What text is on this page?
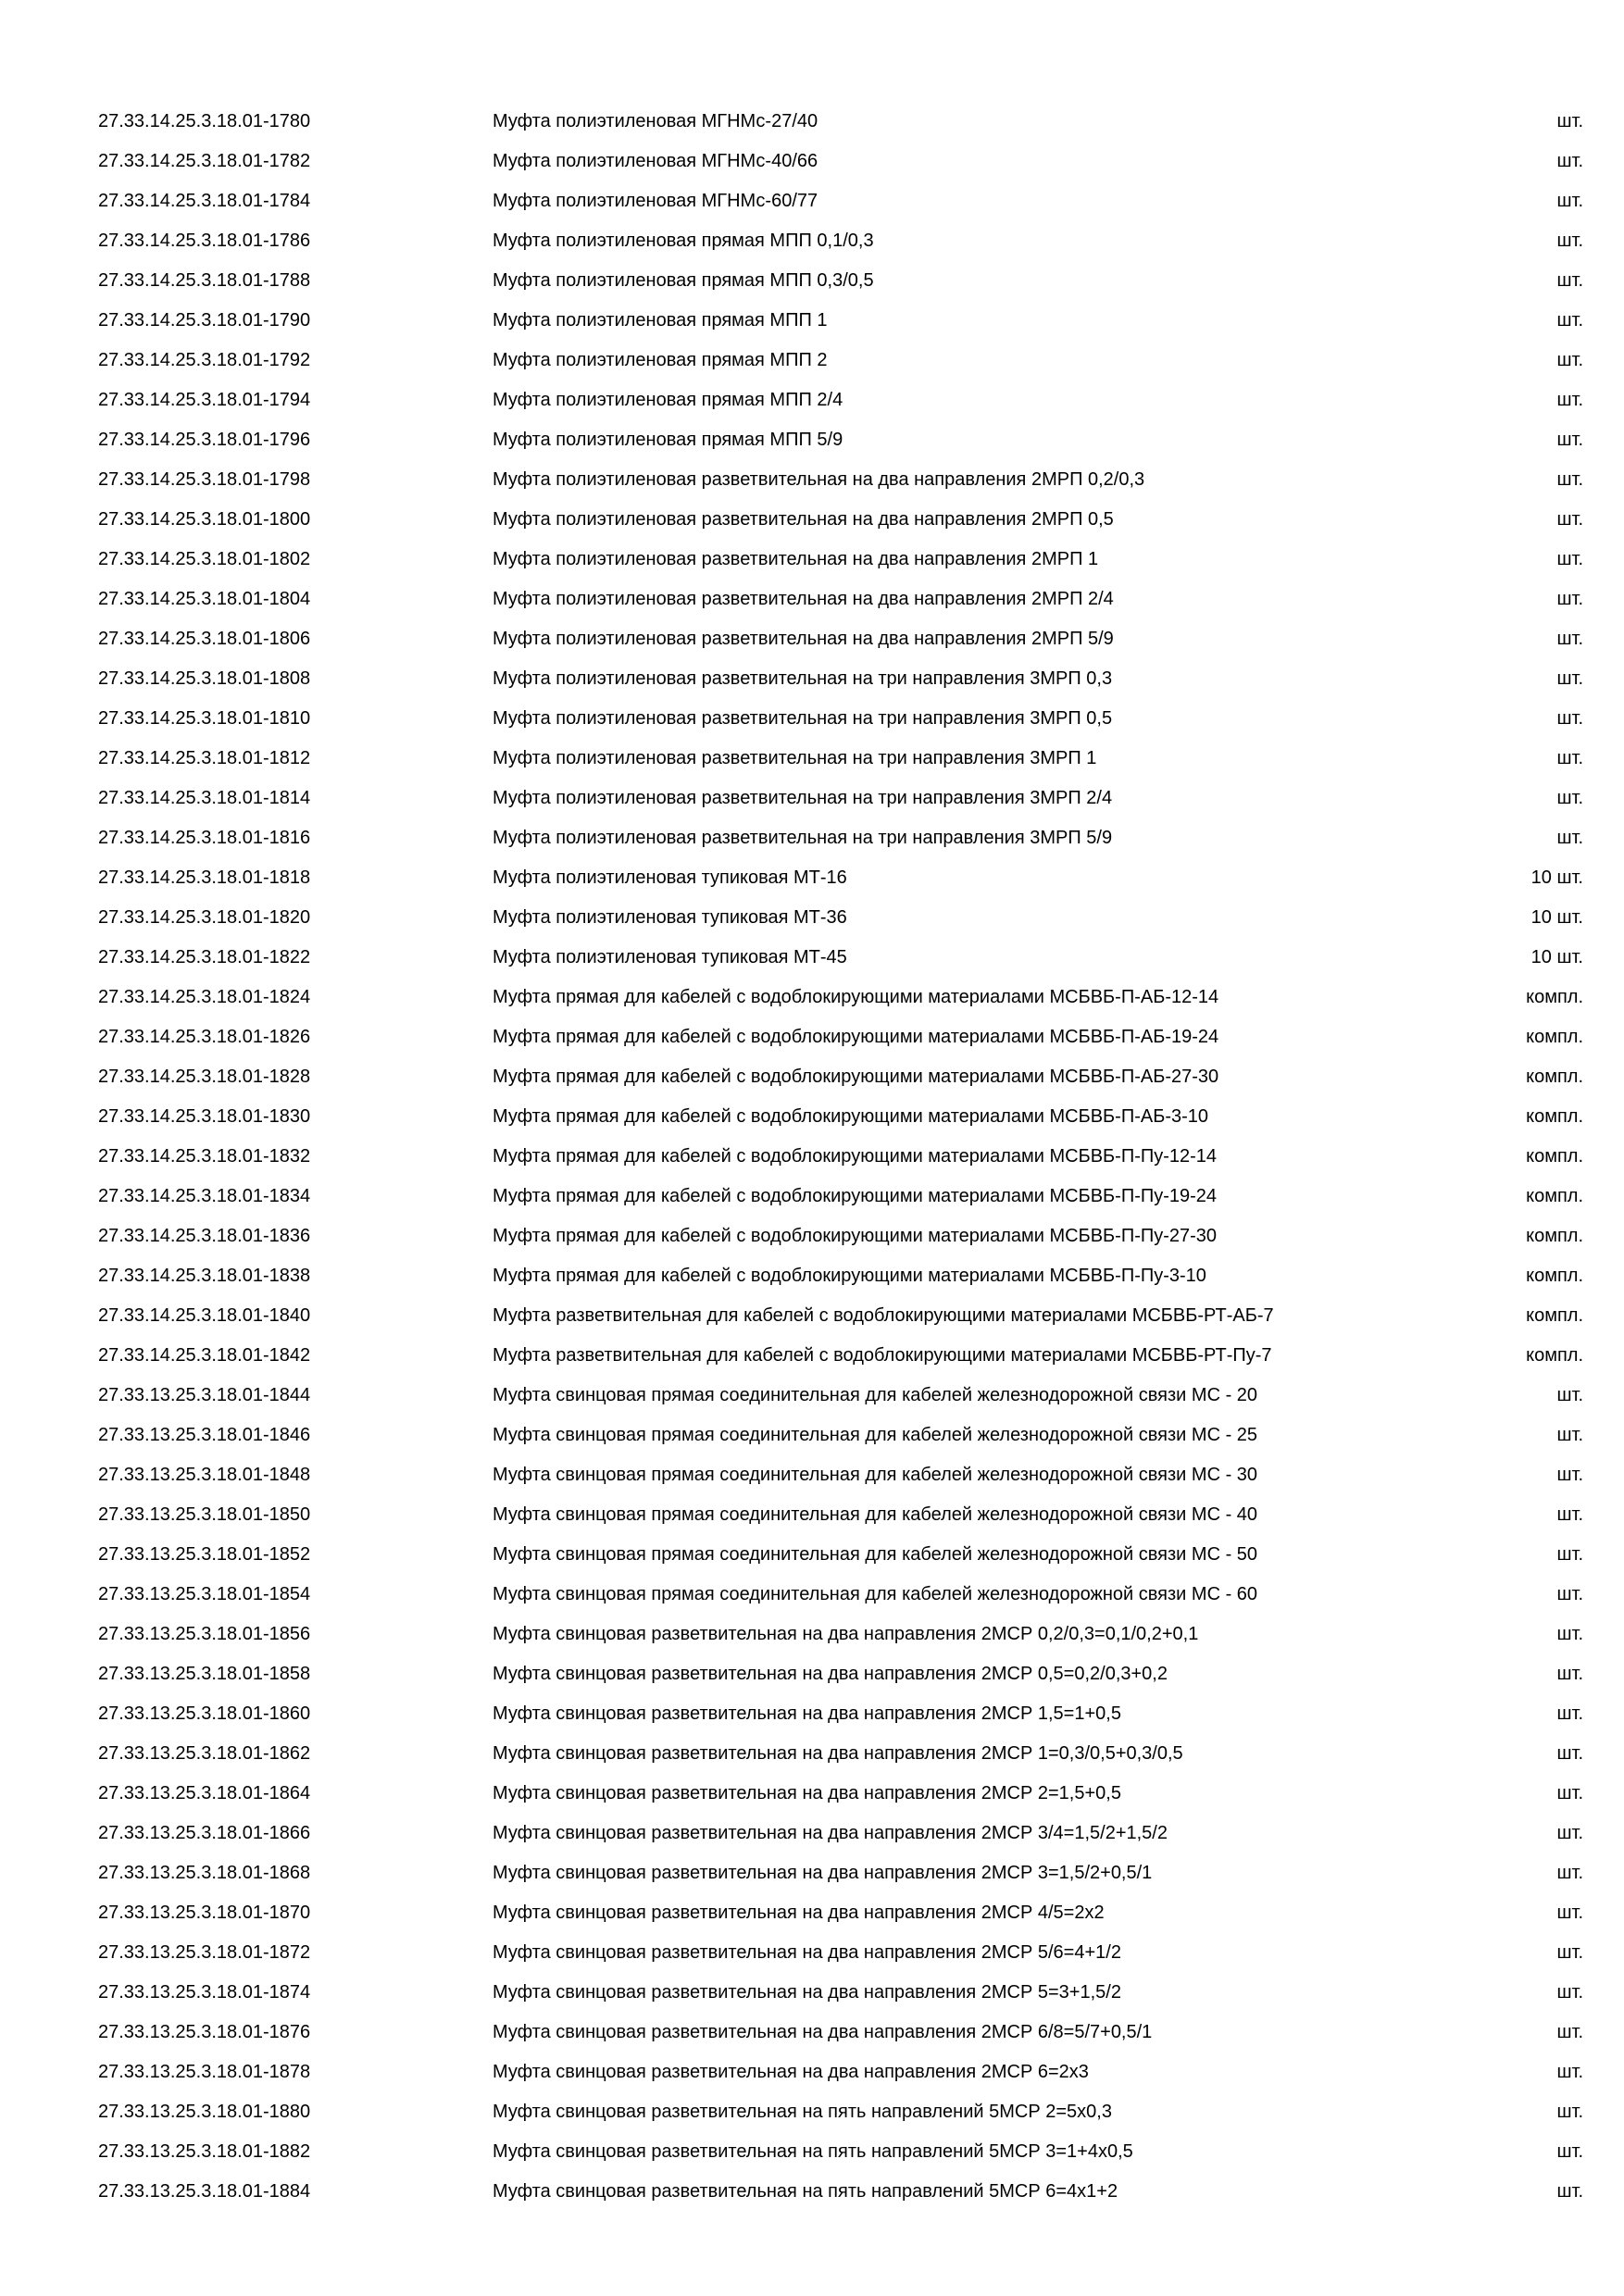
27.33.14.25.3.18.01-1780	Муфта полиэтиленовая МГНМс-27/40	шт.
27.33.14.25.3.18.01-1782	Муфта полиэтиленовая МГНМс-40/66	шт.
27.33.14.25.3.18.01-1784	Муфта полиэтиленовая МГНМс-60/77	шт.
27.33.14.25.3.18.01-1786	Муфта полиэтиленовая прямая МПП 0,1/0,3	шт.
27.33.14.25.3.18.01-1788	Муфта полиэтиленовая прямая МПП 0,3/0,5	шт.
27.33.14.25.3.18.01-1790	Муфта полиэтиленовая прямая МПП 1	шт.
27.33.14.25.3.18.01-1792	Муфта полиэтиленовая прямая МПП 2	шт.
27.33.14.25.3.18.01-1794	Муфта полиэтиленовая прямая МПП 2/4	шт.
27.33.14.25.3.18.01-1796	Муфта полиэтиленовая прямая МПП 5/9	шт.
27.33.14.25.3.18.01-1798	Муфта полиэтиленовая разветвительная на два направления 2МРП 0,2/0,3	шт.
27.33.14.25.3.18.01-1800	Муфта полиэтиленовая разветвительная на два направления 2МРП 0,5	шт.
27.33.14.25.3.18.01-1802	Муфта полиэтиленовая разветвительная на два направления 2МРП 1	шт.
27.33.14.25.3.18.01-1804	Муфта полиэтиленовая разветвительная на два направления 2МРП 2/4	шт.
27.33.14.25.3.18.01-1806	Муфта полиэтиленовая разветвительная на два направления 2МРП 5/9	шт.
27.33.14.25.3.18.01-1808	Муфта полиэтиленовая разветвительная на три направления 3МРП 0,3	шт.
27.33.14.25.3.18.01-1810	Муфта полиэтиленовая разветвительная на три направления 3МРП 0,5	шт.
27.33.14.25.3.18.01-1812	Муфта полиэтиленовая разветвительная на три направления 3МРП 1	шт.
27.33.14.25.3.18.01-1814	Муфта полиэтиленовая разветвительная на три направления 3МРП 2/4	шт.
27.33.14.25.3.18.01-1816	Муфта полиэтиленовая разветвительная на три направления 3МРП 5/9	шт.
27.33.14.25.3.18.01-1818	Муфта полиэтиленовая тупиковая МТ-16	10 шт.
27.33.14.25.3.18.01-1820	Муфта полиэтиленовая тупиковая МТ-36	10 шт.
27.33.14.25.3.18.01-1822	Муфта полиэтиленовая тупиковая МТ-45	10 шт.
27.33.14.25.3.18.01-1824	Муфта прямая для кабелей с водоблокирующими материалами МСБВБ-П-АБ-12-14	компл.
27.33.14.25.3.18.01-1826	Муфта прямая для кабелей с водоблокирующими материалами МСБВБ-П-АБ-19-24	компл.
27.33.14.25.3.18.01-1828	Муфта прямая для кабелей с водоблокирующими материалами МСБВБ-П-АБ-27-30	компл.
27.33.14.25.3.18.01-1830	Муфта прямая для кабелей с водоблокирующими материалами МСБВБ-П-АБ-3-10	компл.
27.33.14.25.3.18.01-1832	Муфта прямая для кабелей с водоблокирующими материалами МСБВБ-П-Пу-12-14	компл.
27.33.14.25.3.18.01-1834	Муфта прямая для кабелей с водоблокирующими материалами МСБВБ-П-Пу-19-24	компл.
27.33.14.25.3.18.01-1836	Муфта прямая для кабелей с водоблокирующими материалами МСБВБ-П-Пу-27-30	компл.
27.33.14.25.3.18.01-1838	Муфта прямая для кабелей с водоблокирующими материалами МСБВБ-П-Пу-3-10	компл.
27.33.14.25.3.18.01-1840	Муфта разветвительная для кабелей с водоблокирующими материалами МСБВБ-РТ-АБ-7	компл.
27.33.14.25.3.18.01-1842	Муфта разветвительная для кабелей с водоблокирующими материалами МСБВБ-РТ-Пу-7	компл.
27.33.13.25.3.18.01-1844	Муфта свинцовая прямая соединительная для кабелей железнодорожной связи МС - 20	шт.
27.33.13.25.3.18.01-1846	Муфта свинцовая прямая соединительная для кабелей железнодорожной связи МС - 25	шт.
27.33.13.25.3.18.01-1848	Муфта свинцовая прямая соединительная для кабелей железнодорожной связи МС - 30	шт.
27.33.13.25.3.18.01-1850	Муфта свинцовая прямая соединительная для кабелей железнодорожной связи МС - 40	шт.
27.33.13.25.3.18.01-1852	Муфта свинцовая прямая соединительная для кабелей железнодорожной связи МС - 50	шт.
27.33.13.25.3.18.01-1854	Муфта свинцовая прямая соединительная для кабелей железнодорожной связи МС - 60	шт.
27.33.13.25.3.18.01-1856	Муфта свинцовая разветвительная на два направления 2МСР 0,2/0,3=0,1/0,2+0,1	шт.
27.33.13.25.3.18.01-1858	Муфта свинцовая разветвительная на два направления 2МСР 0,5=0,2/0,3+0,2	шт.
27.33.13.25.3.18.01-1860	Муфта свинцовая разветвительная на два направления 2МСР 1,5=1+0,5	шт.
27.33.13.25.3.18.01-1862	Муфта свинцовая разветвительная на два направления 2МСР 1=0,3/0,5+0,3/0,5	шт.
27.33.13.25.3.18.01-1864	Муфта свинцовая разветвительная на два направления 2МСР 2=1,5+0,5	шт.
27.33.13.25.3.18.01-1866	Муфта свинцовая разветвительная на два направления 2МСР 3/4=1,5/2+1,5/2	шт.
27.33.13.25.3.18.01-1868	Муфта свинцовая разветвительная на два направления 2МСР 3=1,5/2+0,5/1	шт.
27.33.13.25.3.18.01-1870	Муфта свинцовая разветвительная на два направления 2МСР 4/5=2х2	шт.
27.33.13.25.3.18.01-1872	Муфта свинцовая разветвительная на два направления 2МСР 5/6=4+1/2	шт.
27.33.13.25.3.18.01-1874	Муфта свинцовая разветвительная на два направления 2МСР 5=3+1,5/2	шт.
27.33.13.25.3.18.01-1876	Муфта свинцовая разветвительная на два направления 2МСР 6/8=5/7+0,5/1	шт.
27.33.13.25.3.18.01-1878	Муфта свинцовая разветвительная на два направления 2МСР 6=2х3	шт.
27.33.13.25.3.18.01-1880	Муфта свинцовая разветвительная на пять направлений 5МСР 2=5х0,3	шт.
27.33.13.25.3.18.01-1882	Муфта свинцовая разветвительная на пять направлений 5МСР 3=1+4х0,5	шт.
27.33.13.25.3.18.01-1884	Муфта свинцовая разветвительная на пять направлений 5МСР 6=4х1+2	шт.
